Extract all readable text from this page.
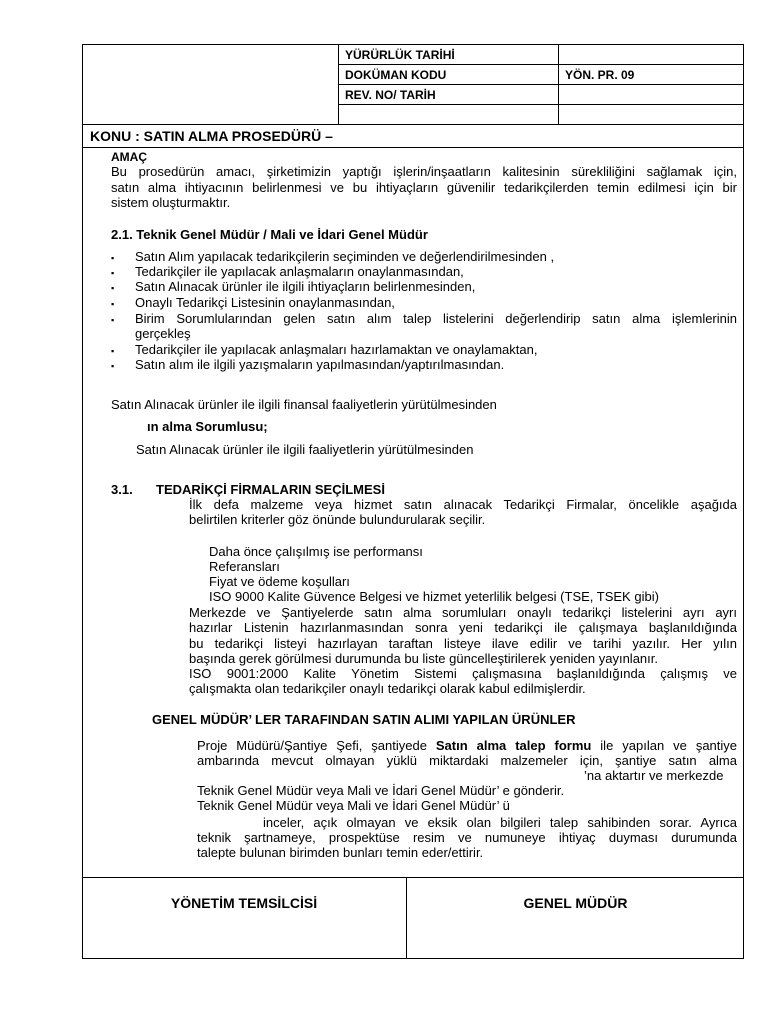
YÜRÜRLÜK TARİHİ
DOKÜMAN KODU	YÖN. PR. 09
REV. NO/ TARİH
KONU : SATIN ALMA PROSEDÜRÜ –
AMAÇ
Bu prosedürün amacı, şirketimizin yaptığı işlerin/inşaatların kalitesinin sürekliliğini sağlamak için,
satın alma ihtiyacının belirlenmesi ve bu ihtiyaçların güvenilir tedarikçilerden temin edilmesi için bir
sistem oluşturmaktır.
2.1. Teknik Genel Müdür / Mali ve İdari Genel Müdür
▪	Satın Alım yapılacak tedarikçilerin seçiminden ve değerlendirilmesinden ,
▪	Tedarikçiler ile yapılacak anlaşmaların onaylanmasından,
▪	Satın Alınacak ürünler ile ilgili ihtiyaçların belirlenmesinden,
▪	Onaylı Tedarikçi Listesinin onaylanmasından,
▪	Birim Sorumlularından gelen satın alım talep listelerini değerlendirip satın alma işlemlerinin
gerçekleş
▪	Tedarikçiler ile yapılacak anlaşmaları hazırlamaktan ve onaylamaktan,
▪	Satın alım ile ilgili yazışmaların yapılmasından/yaptırılmasından.
Satın Alınacak ürünler ile ilgili finansal faaliyetlerin yürütülmesinden
ın alma Sorumlusu;
Satın Alınacak ürünler ile ilgili faaliyetlerin yürütülmesinden
3.1. TEDARİKÇİ FİRMALARIN SEÇİLMESİ
İlk defa malzeme veya hizmet satın alınacak Tedarikçi Firmalar, öncelikle aşağıda
belirtilen kriterler göz önünde bulundurularak seçilir.
Daha önce çalışılmış ise performansı
Referansları
Fiyat ve ödeme koşulları
ISO 9000 Kalite Güvence Belgesi ve hizmet yeterlilik belgesi (TSE, TSEK gibi)
Merkezde ve Şantiyelerde satın alma sorumluları onaylı tedarikçi listelerini ayrı ayrı
hazırlar Listenin hazırlanmasından sonra yeni tedarikçi ile çalışmaya başlanıldığında
bu tedarikçi listeyi hazırlayan taraftan listeye ilave edilir ve tarihi yazılır. Her yılın
başında gerek görülmesi durumunda bu liste güncelleştirilerek yeniden yayınlanır.
ISO 9001:2000 Kalite Yönetim Sistemi çalışmasına başlanıldığında çalışmış ve
çalışmakta olan tedarikçiler onaylı tedarikçi olarak kabul edilmişlerdir.
GENEL MÜDÜR’ LER TARAFINDAN SATIN ALIMI YAPILAN ÜRÜNLER
Proje Müdürü/Şantiye Şefi, şantiyede Satın alma talep formu ile yapılan ve şantiye
ambarında mevcut olmayan yüklü miktardaki malzemeler için, şantiye satın alma
’na aktartır ve merkezde
Teknik Genel Müdür veya Mali ve İdari Genel Müdür’ e gönderir.
Teknik Genel Müdür veya Mali ve İdari Genel Müdür’ ü
inceler, açık olmayan ve eksik olan bilgileri talep sahibinden sorar. Ayrıca
teknik şartnameye, prospektüse resim ve numuneye ihtiyaç duyması durumunda
talepte bulunan birimden bunları temin eder/ettirir.
YÖNETİM TEMSİLCİSİ	GENEL MÜDÜR
